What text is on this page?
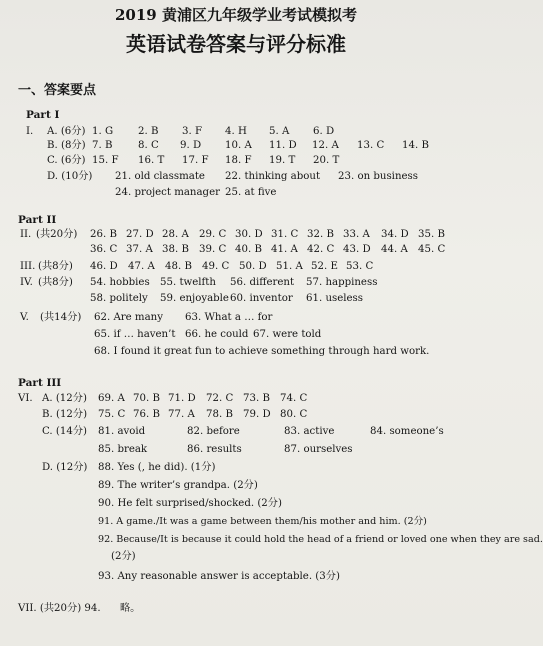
2019 黄浦区九年级学业考试模拟考
英语试卷答案与评分标准
一、答案要点
Part I
I. A. (6分) 1. G 2. B 3. F 4. H 5. A 6. D
B. (8分) 7. B	8. C 9. D 10. A 11. D 12. A 13. C 14. B
C. (6分) 15. F 16. T 17. F 18. F 19. T 20. T
D. (10分) 21. old classmate 22. thinking about 23. on business
24. project manager 25. at five
Part II
II. (共20分) 26. B 27. D 28. A 29. C 30. D 31. C 32. B 33. A 34. D 35. B
36. C 37. A 38. B 39. C 40. B 41. A 42. C 43. D 44. A 45. C
III. (共8分) 46. D 47. A 48. B 49. C 50. D 51. A 52. E 53. C
IV. (共8分) 54. hobbies 55. twelfth 56. different 57. happiness
58. politely 59. enjoyable 60. inventor 61. useless
V. (共14分) 62. Are many 63. What a … for
65. if … haven’t 66. he could 67. were told
68. I found it great fun to achieve something through hard work.
Part III
VI. A. (12分) 69. A 70. B 71. D 72. C 73. B 74. C
B. (12分) 75. C 76. B 77. A 78. B 79. D 80. C
C. (14分) 81. avoid	82. before	83. active	84. someone’s
85. break	86. results	87. ourselves
D. (12分) 88. Yes (, he did). (1分)
89. The writer’s grandpa. (2分)
90. He felt surprised/shocked. (2分)
91. A game./It was a game between them/his mother and him. (2分)
92. Because/It is because it could hold the head of a friend or loved one when they are sad.
(2分)
93. Any reasonable answer is acceptable. (3分)
VII. (共20分) 94. 略。
